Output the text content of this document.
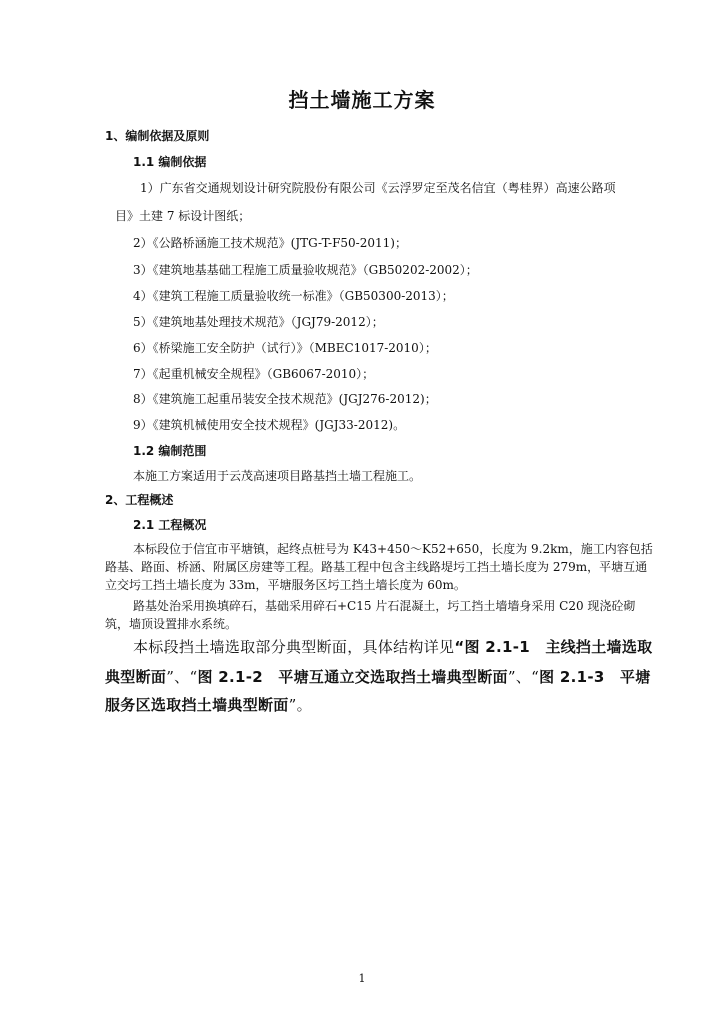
挡土墙施工方案
1、编制依据及原则
1.1 编制依据
1）广东省交通规划设计研究院股份有限公司《云浮罗定至茂名信宜（粤桂界）高速公路项
目》土建 7 标设计图纸；
2）《公路桥涵施工技术规范》(JTG-T-F50-2011)；
3）《建筑地基基础工程施工质量验收规范》（GB50202-2002）；
4）《建筑工程施工质量验收统一标准》（GB50300-2013）；
5）《建筑地基处理技术规范》（JGJ79-2012）；
6）《桥梁施工安全防护（试行）》（MBEC1017-2010）；
7）《起重机械安全规程》（GB6067-2010）；
8）《建筑施工起重吊装安全技术规范》(JGJ276-2012)；
9）《建筑机械使用安全技术规程》(JGJ33-2012)。
1.2 编制范围
本施工方案适用于云茂高速项目路基挡土墙工程施工。
2、工程概述
2.1 工程概况
本标段位于信宜市平塘镇，起终点桩号为 K43+450～K52+650，长度为 9.2km，施工内容包括
路基、路面、桥涵、附属区房建等工程。路基工程中包含主线路堤圬工挡土墙长度为 279m，平塘互通
立交圬工挡土墙长度为 33m，平塘服务区圬工挡土墙长度为 60m。
路基处治采用换填碎石，基础采用碎石+C15 片石混凝土，圬工挡土墙墙身采用 C20 现浇砼砌
筑，墙顶设置排水系统。
本标段挡土墙选取部分典型断面，具体结构详见“图 2.1-1　主线挡土墙选取
典型断面”、“图 2.1-2　平塘互通立交选取挡土墙典型断面”、“图 2.1-3　平塘
服务区选取挡土墙典型断面”。
1
